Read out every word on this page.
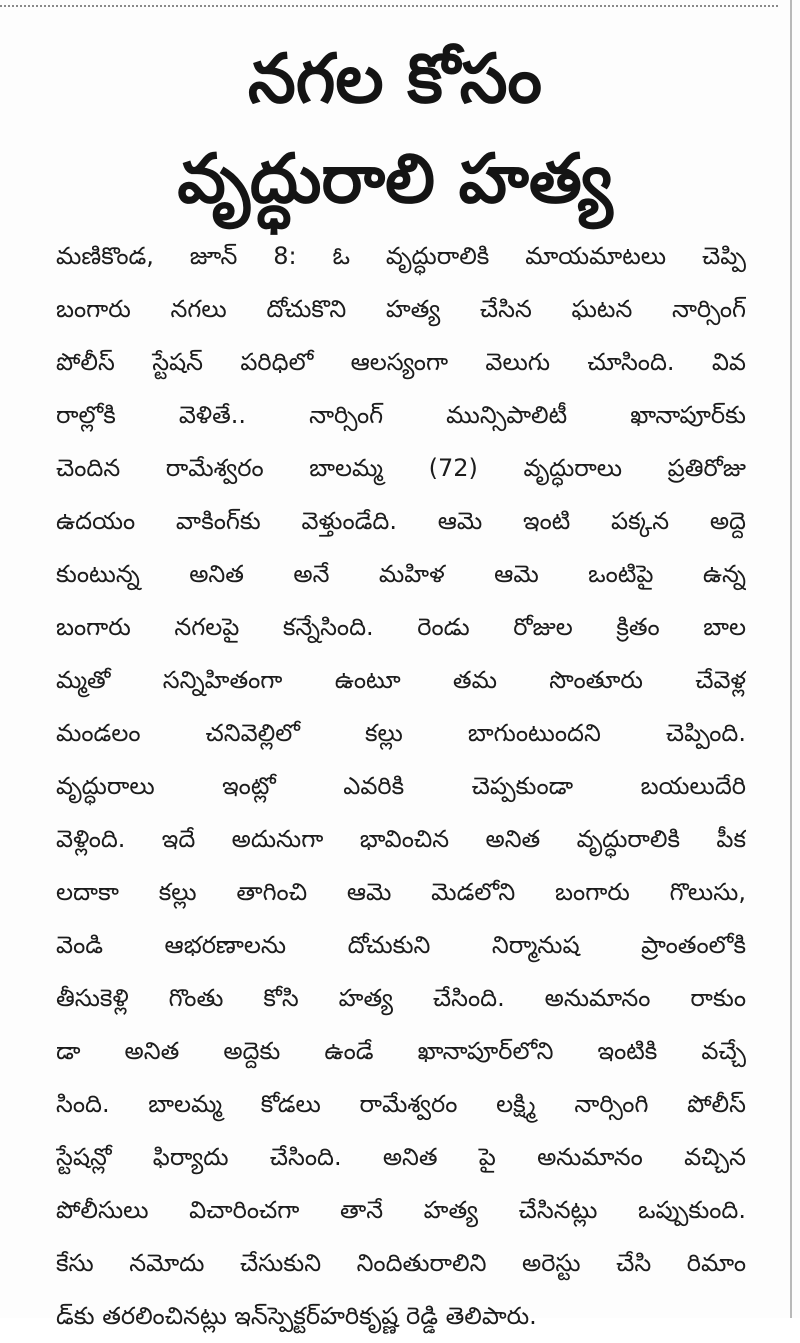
నగల కోసం
వృద్ధురాలి హత్య
మణికొండ, జూన్ 8: ఓ వృద్ధురాలికి మాయమాటలు చెప్పి
బంగారు నగలు దోచుకొని హత్య చేసిన ఘటన నార్సింగ్
పోలీస్ స్టేషన్ పరిధిలో ఆలస్యంగా వెలుగు చూసింది. వివ
రాల్లోకి వెళితే.. నార్సింగ్ మున్సిపాలిటీ ఖానాపూర్‌కు
చెందిన రామేశ్వరం బాలమ్మ (72) వృద్ధురాలు ప్రతిరోజు
ఉదయం వాకింగ్‌కు వెళ్తుండేది. ఆమె ఇంటి పక్కన అద్దె
కుంటున్న అనిత అనే మహిళ ఆమె ఒంటిపై ఉన్న
బంగారు నగలపై కన్నేసింది. రెండు రోజుల క్రితం బాల
మ్మతో సన్నిహితంగా ఉంటూ తమ సొంతూరు చేవెళ్ల
మండలం చనివెల్లిలో కల్లు బాగుంటుందని చెప్పింది.
వృద్ధురాలు ఇంట్లో ఎవరికి చెప్పకుండా బయలుదేరి
వెళ్లింది. ఇదే అదునుగా భావించిన అనిత వృద్ధురాలికి పీక
లదాకా కల్లు తాగించి ఆమె మెడలోని బంగారు గొలుసు,
వెండి ఆభరణాలను దోచుకుని నిర్మానుష ప్రాంతంలోకి
తీసుకెళ్లి గొంతు కోసి హత్య చేసింది. అనుమానం రాకుం
డా అనిత అద్దెకు ఉండే ఖానాపూర్‌లోని ఇంటికి వచ్చే
సింది. బాలమ్మ కోడలు రామేశ్వరం లక్ష్మి నార్సింగి పోలీస్
స్టేషన్లో ఫిర్యాదు చేసింది. అనిత పై అనుమానం వచ్చిన
పోలీసులు విచారించగా తానే హత్య చేసినట్లు ఒప్పుకుంది.
కేసు నమోదు చేసుకుని నిందితురాలిని అరెస్టు చేసి రిమాం
డ్‌కు తరలించినట్లు ఇన్‌స్పెక్టర్‌హరికృష్ణ రెడ్డి తెలిపారు.
